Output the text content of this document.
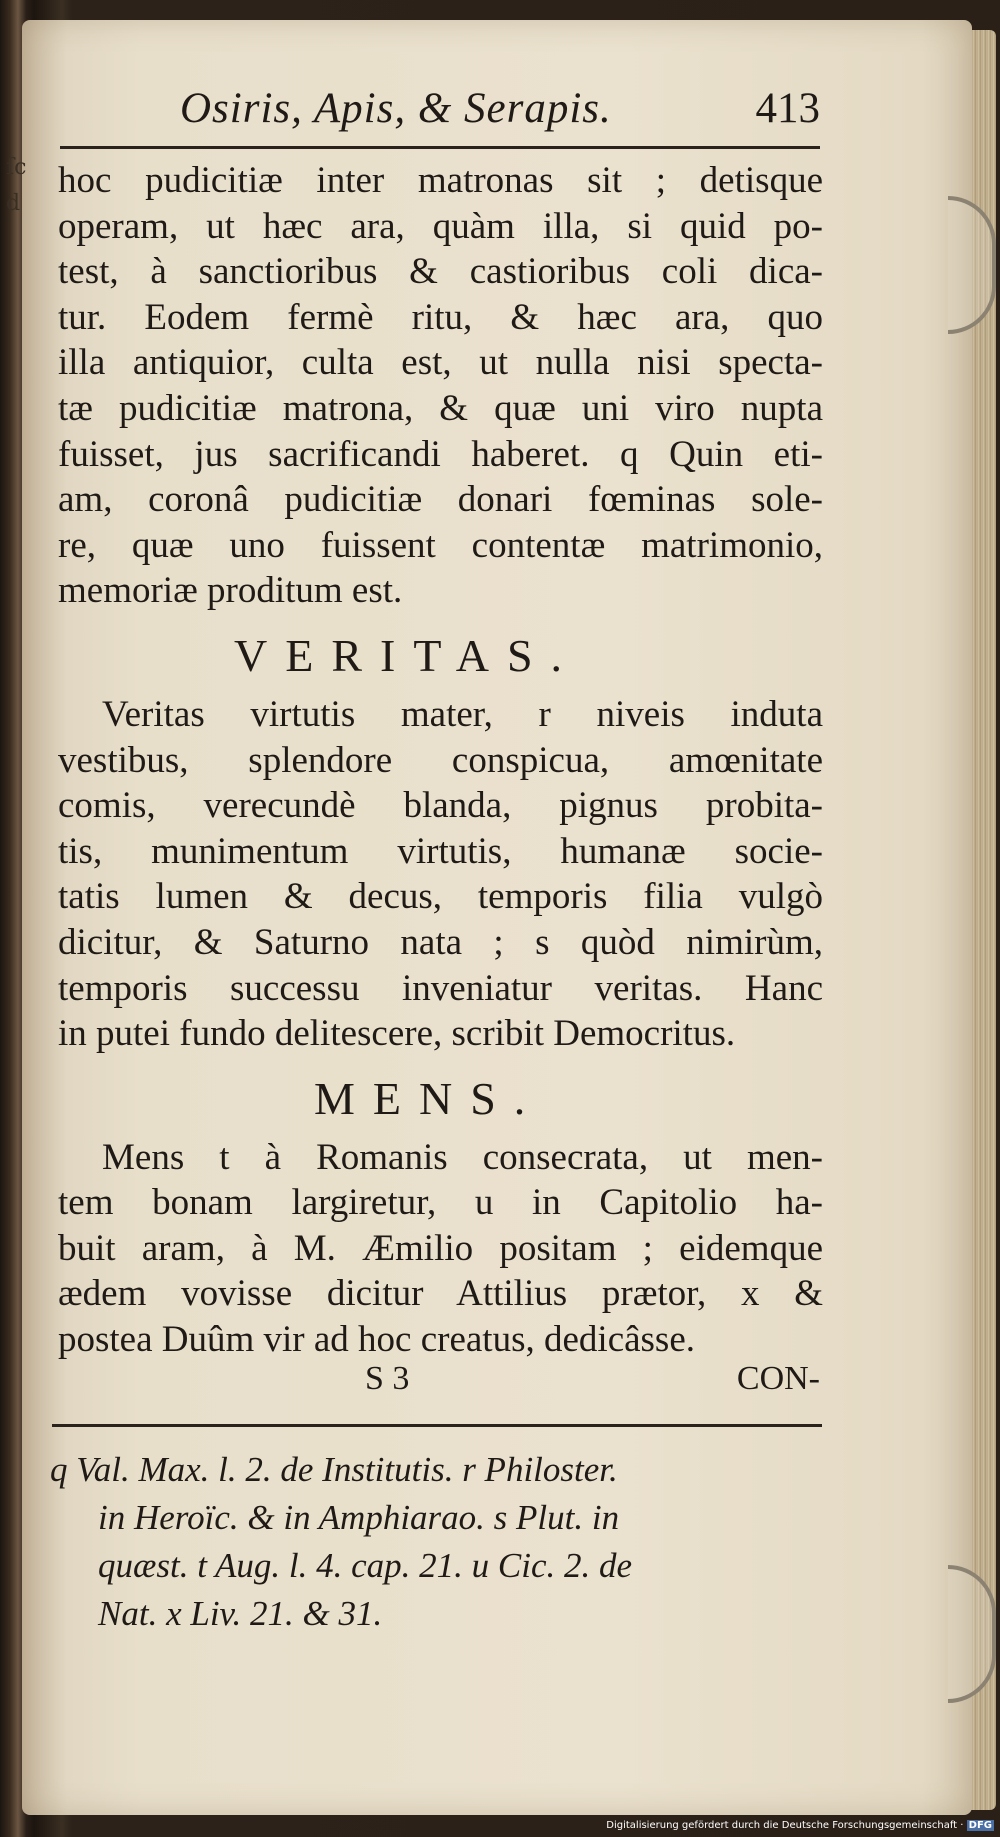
ſc d
Osiris, Apis, & Serapis.	413
hoc pudicitiæ inter matronas sit ; detisque
operam, ut hæc ara, quàm illa, si quid po-
test, à sanctioribus & castioribus coli dica-
tur. Eodem fermè ritu, & hæc ara, quo
illa antiquior, culta est, ut nulla nisi specta-
tæ pudicitiæ matrona, & quæ uni viro nupta
fuisset, jus sacrificandi haberet. q Quin eti-
am, coronâ pudicitiæ donari fœminas sole-
re, quæ uno fuissent contentæ matrimonio,
memoriæ proditum est.
VERITAS.
Veritas virtutis mater, r niveis induta
vestibus, splendore conspicua, amœnitate
comis, verecundè blanda, pignus probita-
tis, munimentum virtutis, humanæ socie-
tatis lumen & decus, temporis filia vulgò
dicitur, & Saturno nata ; s quòd nimirùm,
temporis successu inveniatur veritas. Hanc
in putei fundo delitescere, scribit Democritus.
MENS.
Mens t à Romanis consecrata, ut men-
tem bonam largiretur, u in Capitolio ha-
buit aram, à M. Æmilio positam ; eidemque
ædem vovisse dicitur Attilius prætor, x &
postea Duûm vir ad hoc creatus, dedicâsse.
S 3	CON-
q Val. Max. l. 2. de Institutis. r Philoster.
in Heroïc. & in Amphiarao. s Plut. in
quæst. t Aug. l. 4. cap. 21. u Cic. 2. de
Nat. x Liv. 21. & 31.
Digitalisierung gefördert durch die Deutsche Forschungsgemeinschaft · DFG
